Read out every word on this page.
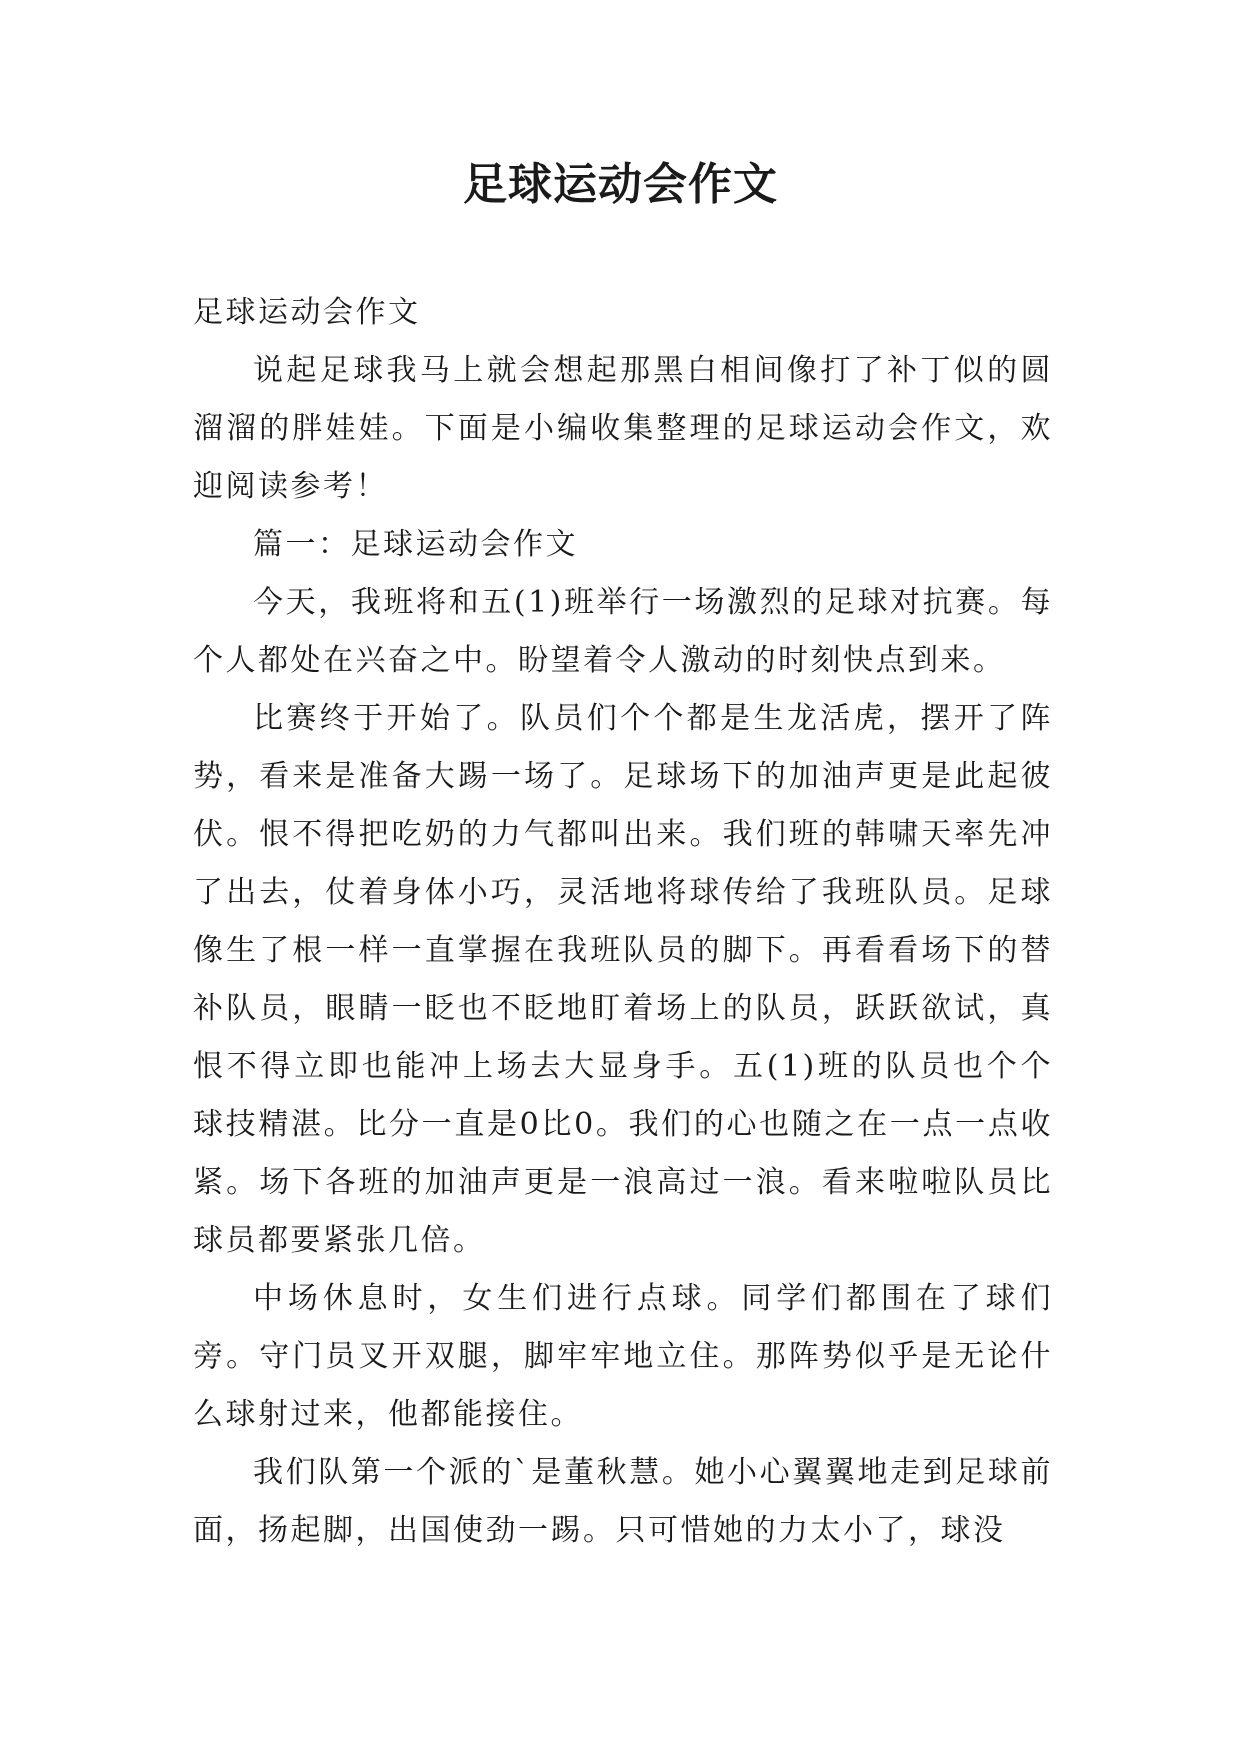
足球运动会作文

足球运动会作文

说起足球我马上就会想起那黑白相间像打了补丁似的圆溜溜的胖娃娃。下面是小编收集整理的足球运动会作文，欢迎阅读参考！

篇一：足球运动会作文

今天，我班将和五(1)班举行一场激烈的足球对抗赛。每个人都处在兴奋之中。盼望着令人激动的时刻快点到来。

比赛终于开始了。队员们个个都是生龙活虎，摆开了阵势，看来是准备大踢一场了。足球场下的加油声更是此起彼伏。恨不得把吃奶的力气都叫出来。我们班的韩啸天率先冲了出去，仗着身体小巧，灵活地将球传给了我班队员。足球像生了根一样一直掌握在我班队员的脚下。再看看场下的替补队员，眼睛一眨也不眨地盯着场上的队员，跃跃欲试，真恨不得立即也能冲上场去大显身手。五(1)班的队员也个个球技精湛。比分一直是0比0。我们的心也随之在一点一点收紧。场下各班的加油声更是一浪高过一浪。看来啦啦队员比球员都要紧张几倍。

中场休息时，女生们进行点球。同学们都围在了球们旁。守门员叉开双腿，脚牢牢地立住。那阵势似乎是无论什么球射过来，他都能接住。

我们队第一个派的`是董秋慧。她小心翼翼地走到足球前面，扬起脚，出国使劲一踢。只可惜她的力太小了，球没
